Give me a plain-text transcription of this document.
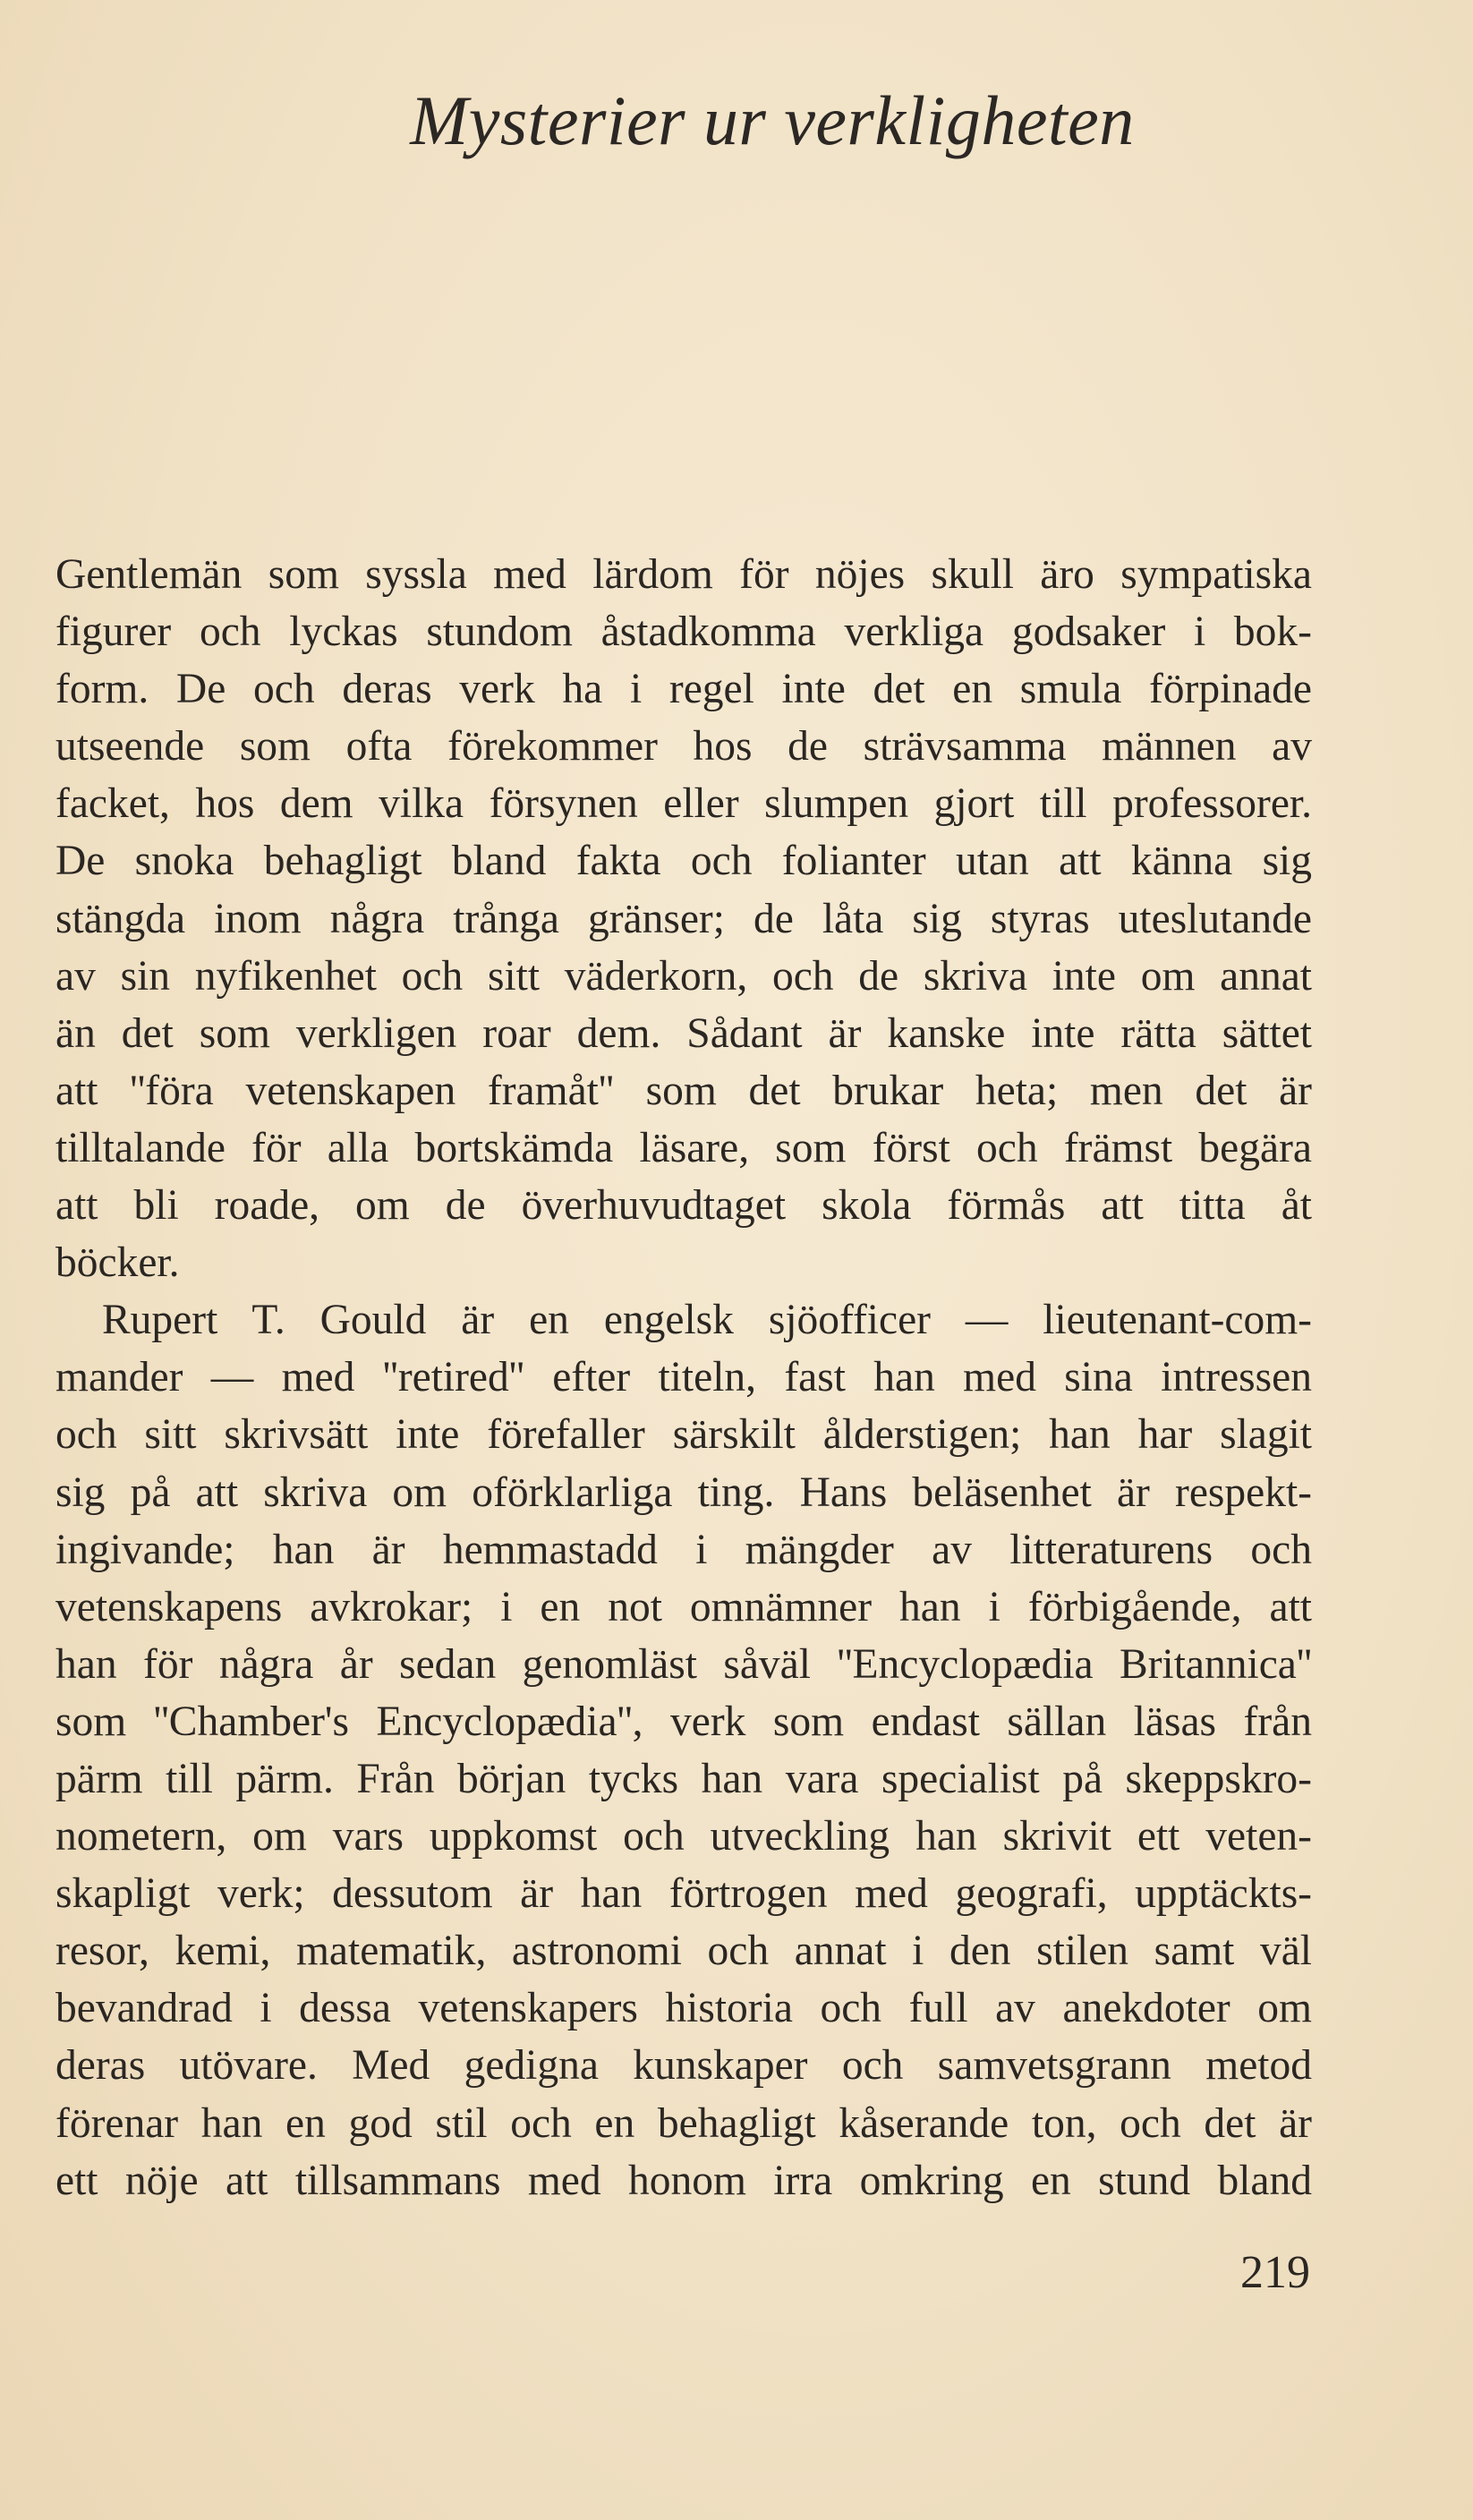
Mysterier ur verkligheten
Gentlemän som syssla med lärdom för nöjes skull äro sympatiska
figurer och lyckas stundom åstadkomma verkliga godsaker i bok-
form. De och deras verk ha i regel inte det en smula förpinade
utseende som ofta förekommer hos de strävsamma männen av
facket, hos dem vilka försynen eller slumpen gjort till professorer.
De snoka behagligt bland fakta och folianter utan att känna sig
stängda inom några trånga gränser; de låta sig styras uteslutande
av sin nyfikenhet och sitt väderkorn, och de skriva inte om annat
än det som verkligen roar dem. Sådant är kanske inte rätta sättet
att ''föra vetenskapen framåt'' som det brukar heta; men det är
tilltalande för alla bortskämda läsare, som först och främst begära
att bli roade, om de överhuvudtaget skola förmås att titta åt
böcker.
Rupert T. Gould är en engelsk sjöofficer — lieutenant-com-
mander — med ''retired'' efter titeln, fast han med sina intressen
och sitt skrivsätt inte förefaller särskilt ålderstigen; han har slagit
sig på att skriva om oförklarliga ting. Hans beläsenhet är respekt-
ingivande; han är hemmastadd i mängder av litteraturens och
vetenskapens avkrokar; i en not omnämner han i förbigående, att
han för några år sedan genomläst såväl ''Encyclopædia Britannica''
som ''Chamber's Encyclopædia'', verk som endast sällan läsas från
pärm till pärm. Från början tycks han vara specialist på skeppskro-
nometern, om vars uppkomst och utveckling han skrivit ett veten-
skapligt verk; dessutom är han förtrogen med geografi, upptäckts-
resor, kemi, matematik, astronomi och annat i den stilen samt väl
bevandrad i dessa vetenskapers historia och full av anekdoter om
deras utövare. Med gedigna kunskaper och samvetsgrann metod
förenar han en god stil och en behagligt kåserande ton, och det är
ett nöje att tillsammans med honom irra omkring en stund bland
219
